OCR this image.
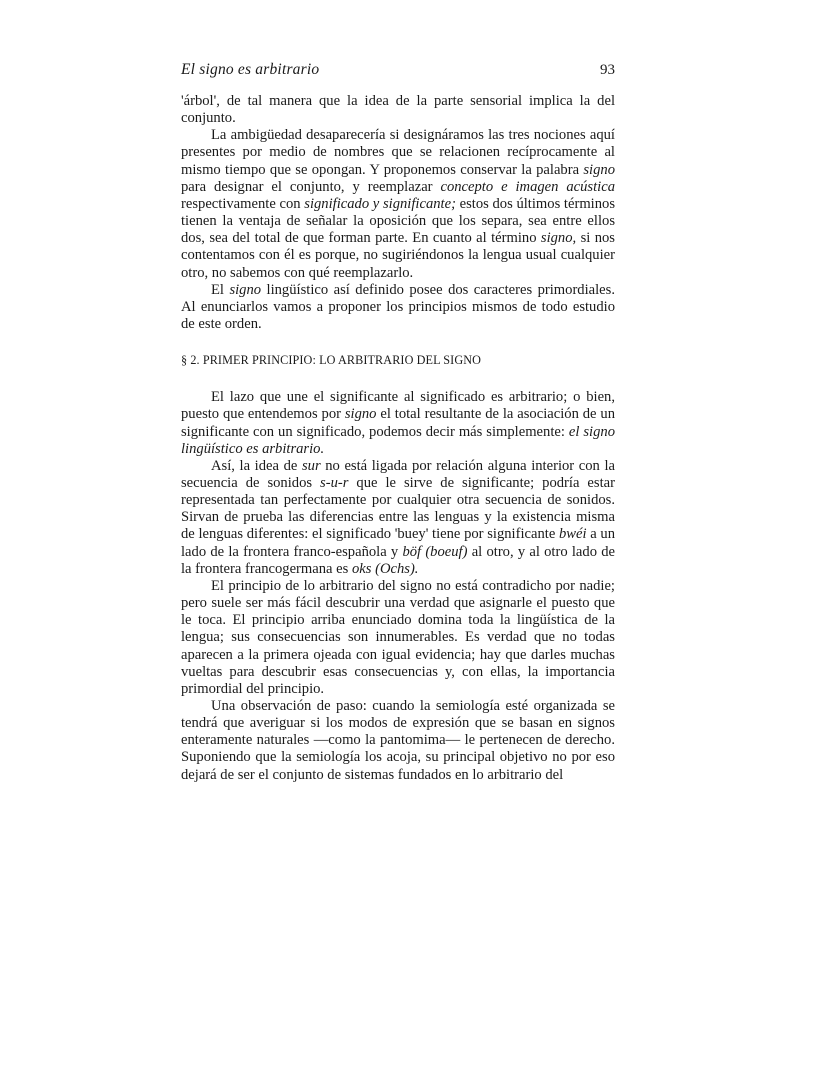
El signo es arbitrario	93

'árbol', de tal manera que la idea de la parte sensorial implica la del conjunto.

La ambigüedad desaparecería si designáramos las tres nociones aquí presentes por medio de nombres que se relacionen recíprocamente al mismo tiempo que se opongan. Y proponemos conservar la palabra signo para designar el conjunto, y reemplazar concepto e imagen acústica respectivamente con significado y significante; estos dos últimos términos tienen la ventaja de señalar la oposición que los separa, sea entre ellos dos, sea del total de que forman parte. En cuanto al término signo, si nos contentamos con él es porque, no sugiriéndonos la lengua usual cualquier otro, no sabemos con qué reemplazarlo.

El signo lingüístico así definido posee dos caracteres primordiales. Al enunciarlos vamos a proponer los principios mismos de todo estudio de este orden.

§ 2. PRIMER PRINCIPIO: LO ARBITRARIO DEL SIGNO

El lazo que une el significante al significado es arbitrario; o bien, puesto que entendemos por signo el total resultante de la asociación de un significante con un significado, podemos decir más simplemente: el signo lingüístico es arbitrario.

Así, la idea de sur no está ligada por relación alguna interior con la secuencia de sonidos s-u-r que le sirve de significante; podría estar representada tan perfectamente por cualquier otra secuencia de sonidos. Sirvan de prueba las diferencias entre las lenguas y la existencia misma de lenguas diferentes: el significado 'buey' tiene por significante bwéi a un lado de la frontera franco-española y böf (boeuf) al otro, y al otro lado de la frontera francogermana es oks (Ochs).

El principio de lo arbitrario del signo no está contradicho por nadie; pero suele ser más fácil descubrir una verdad que asignarle el puesto que le toca. El principio arriba enunciado domina toda la lingüística de la lengua; sus consecuencias son innumerables. Es verdad que no todas aparecen a la primera ojeada con igual evidencia; hay que darles muchas vueltas para descubrir esas consecuencias y, con ellas, la importancia primordial del principio.

Una observación de paso: cuando la semiología esté organizada se tendrá que averiguar si los modos de expresión que se basan en signos enteramente naturales —como la pantomima— le pertenecen de derecho. Suponiendo que la semiología los acoja, su principal objetivo no por eso dejará de ser el conjunto de sistemas fundados en lo arbitrario del
